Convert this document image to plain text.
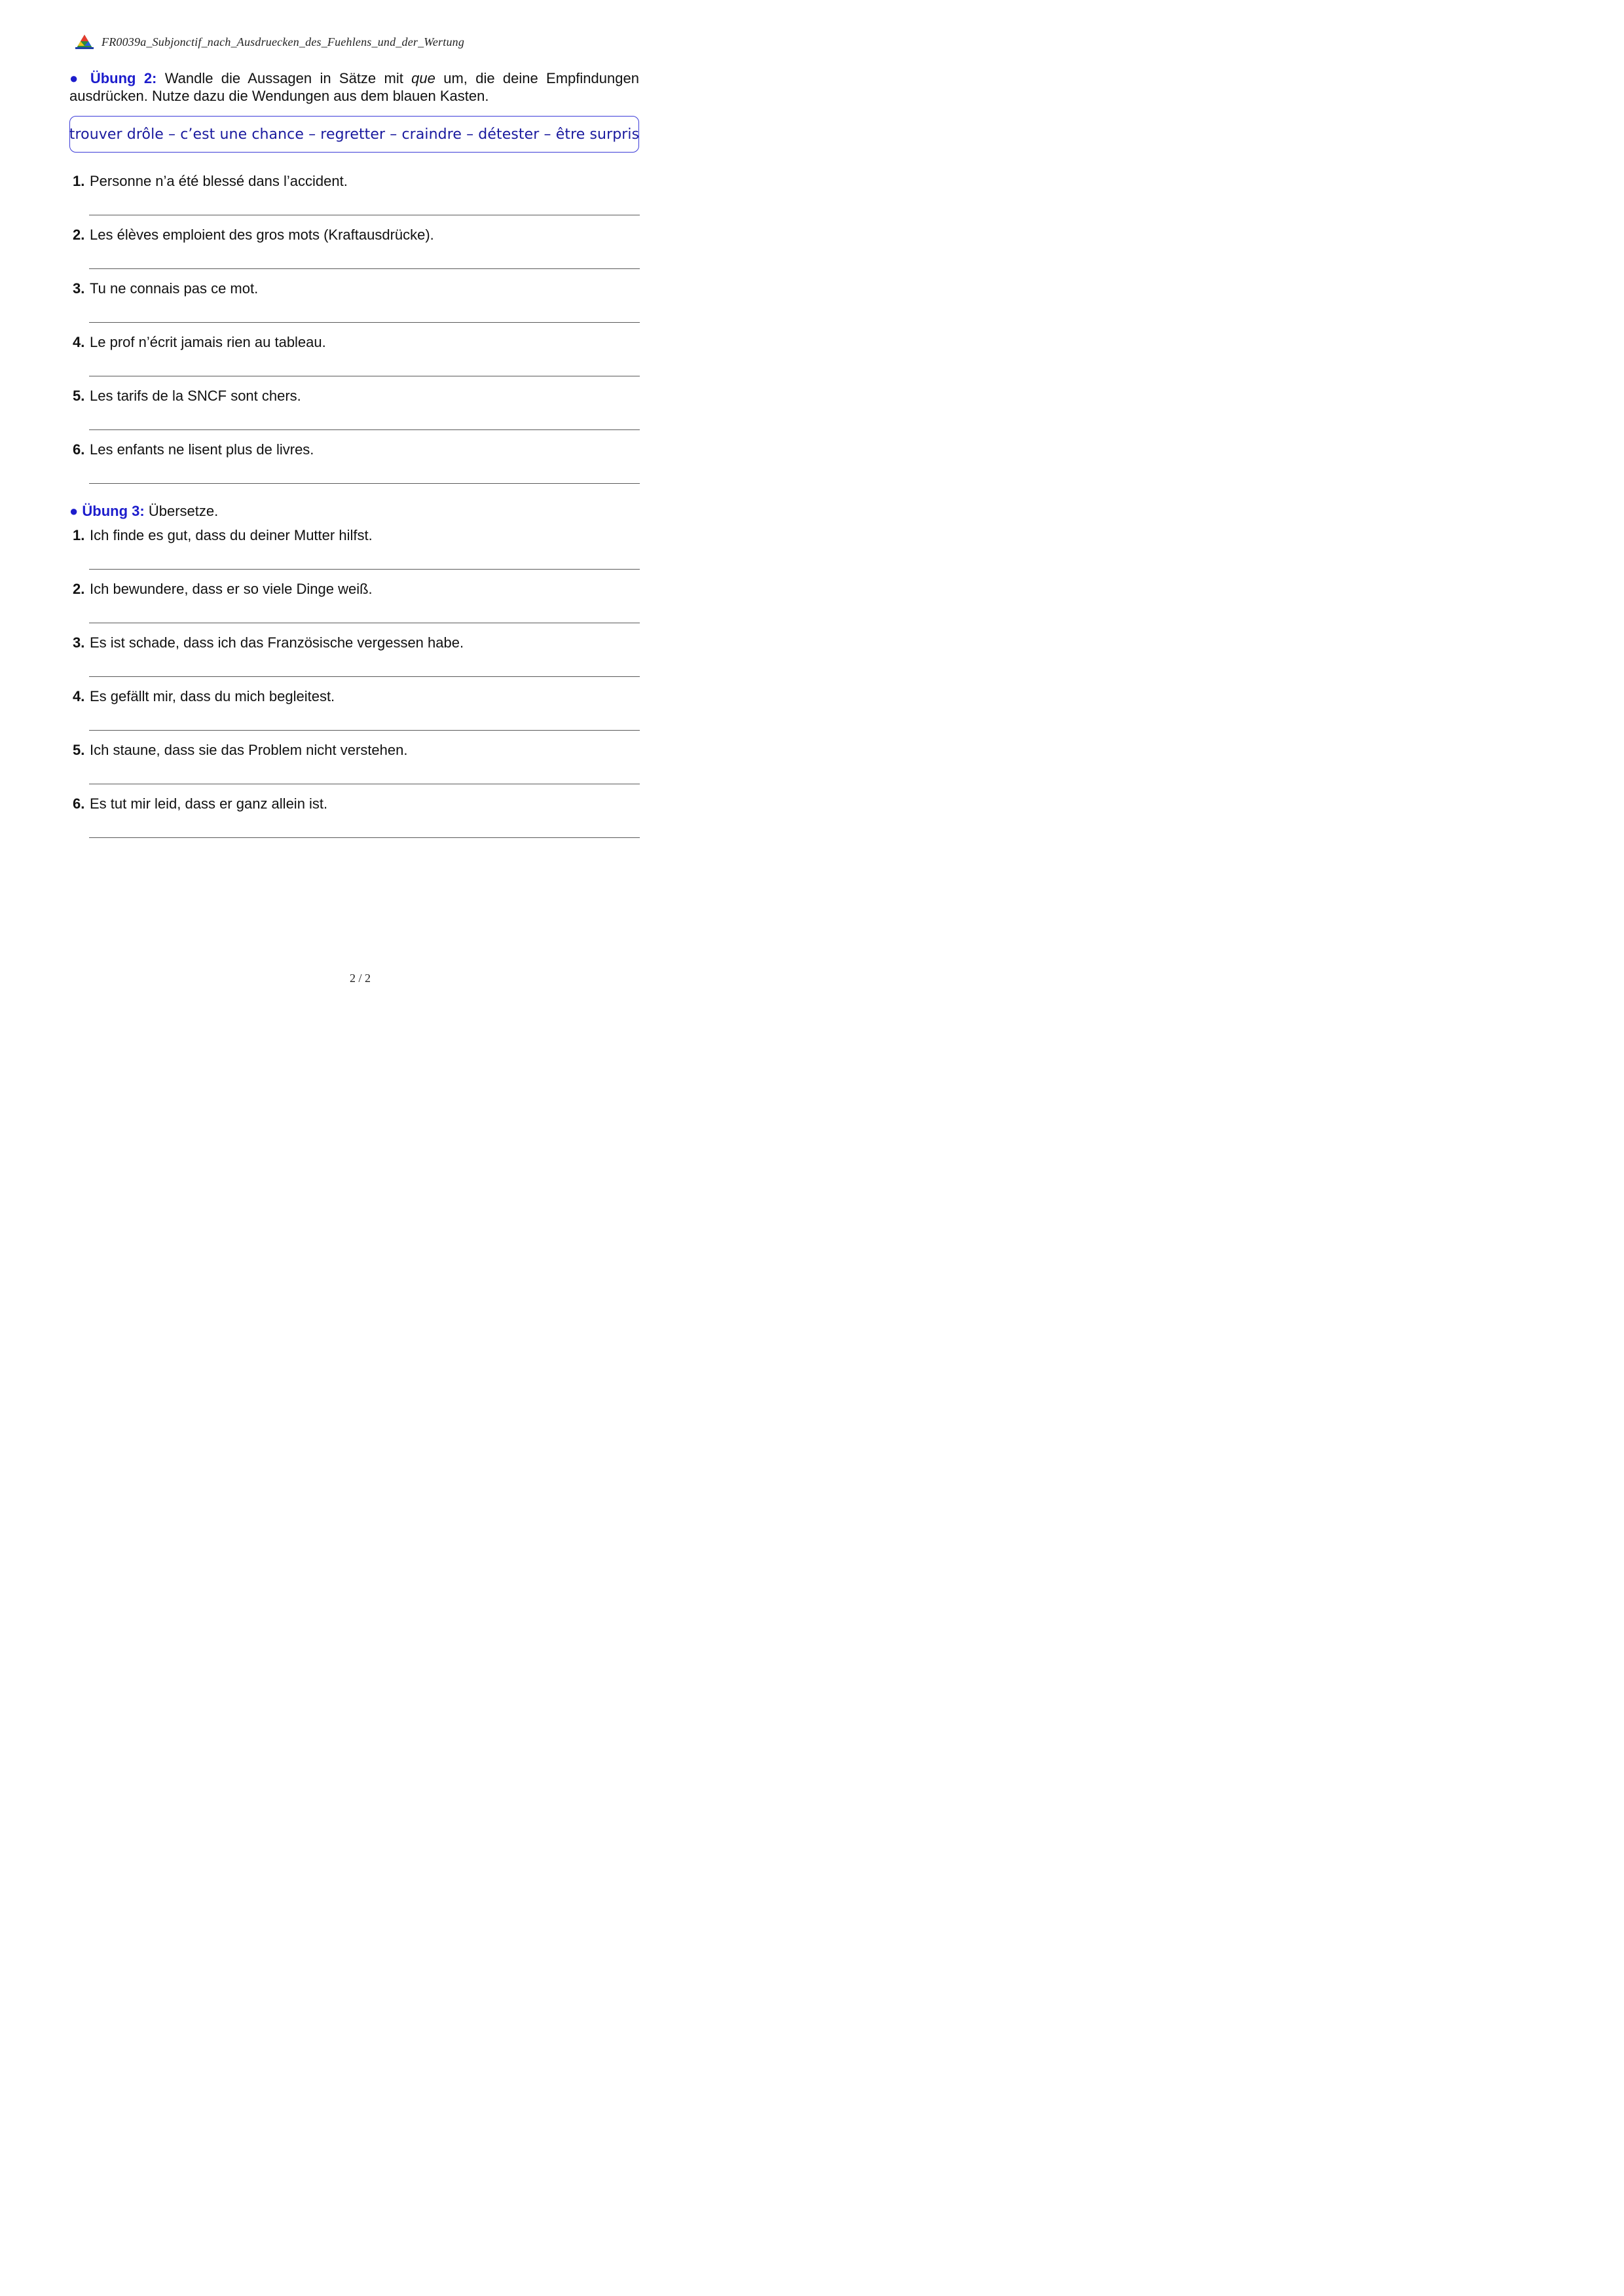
FR0039a_Subjonctif_nach_Ausdruecken_des_Fuehlens_und_der_Wertung
● Übung 2: Wandle die Aussagen in Sätze mit que um, die deine Empfindungen ausdrücken. Nutze dazu die Wendungen aus dem blauen Kasten.
trouver drôle – c’est une chance – regretter – craindre – détester – être surpris
1. Personne n’a été blessé dans l’accident.
2. Les élèves emploient des gros mots (Kraftausdrücke).
3. Tu ne connais pas ce mot.
4. Le prof n’écrit jamais rien au tableau.
5. Les tarifs de la SNCF sont chers.
6. Les enfants ne lisent plus de livres.
● Übung 3: Übersetze.
1. Ich finde es gut, dass du deiner Mutter hilfst.
2. Ich bewundere, dass er so viele Dinge weiß.
3. Es ist schade, dass ich das Französische vergessen habe.
4. Es gefällt mir, dass du mich begleitest.
5. Ich staune, dass sie das Problem nicht verstehen.
6. Es tut mir leid, dass er ganz allein ist.
2 / 2
